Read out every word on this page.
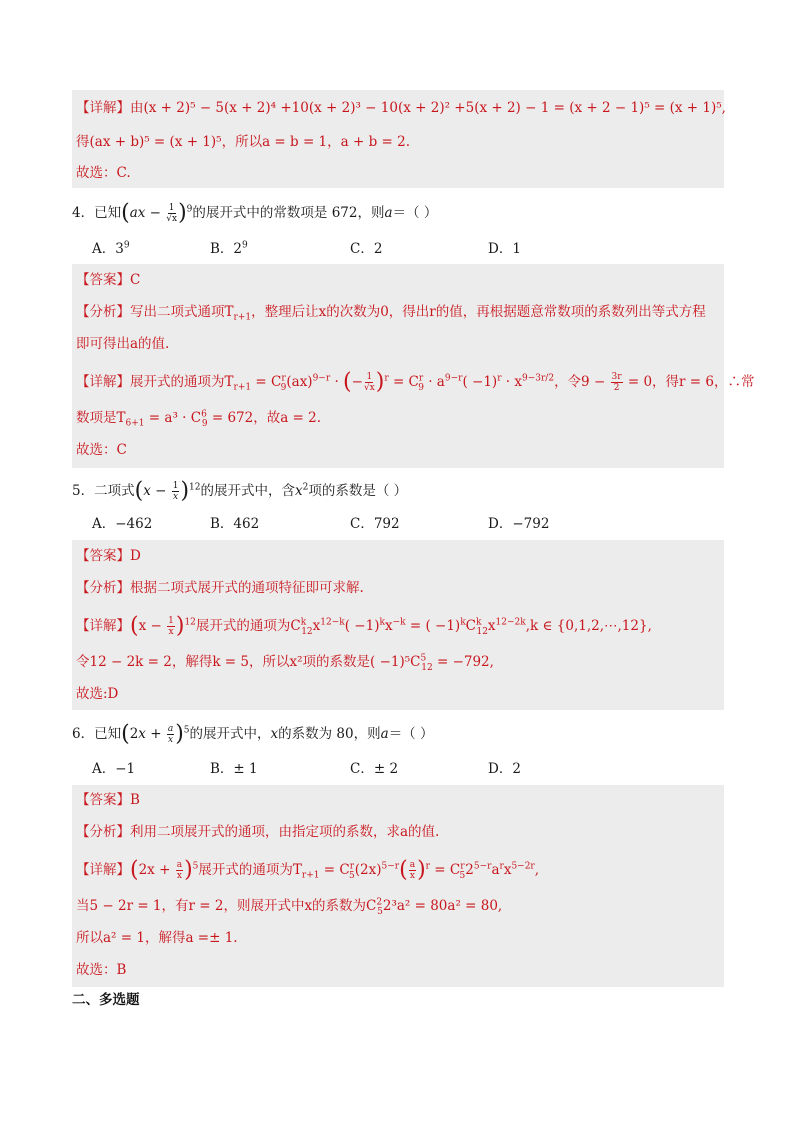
【详解】由(x + 2)⁵ − 5(x + 2)⁴ +10(x + 2)³ − 10(x + 2)² +5(x + 2) − 1 = (x + 2 − 1)⁵ = (x + 1)⁵,
得(ax + b)⁵ = (x + 1)⁵，所以a = b = 1，a + b = 2.
故选：C.
4．已知$(ax - \frac{1}{√x} )^9$的展开式中的常数项是 672，则a＝（ ）
A．$3^9$	B．$2^9$	C．2	D．1
【答案】C
【分析】写出二项式通项$T_{r+1}$，整理后让x的次数为0，得出r的值，再根据题意常数项的系数列出等式方程
即可得出a的值.
【详解】展开式的通项为$T_{r+1} = C^r_9(ax)^{9-r}$ · (− $\frac{1}{√x} )^r = C^r_9 \cdot a^{9-r}( -1)^r \cdot x^{9-3r/2}$，令$9 - \frac{3r}{2} = 0$，得r = 6，∴常
数项是$T_{6+1} = a^3 \cdot C^6_9 = 672$，故a = 2.
故选：C
5．二项式$(x - \frac{1}{x} )^{12}$的展开式中，含$x^2$项的系数是（ ）
A．−462	B．462	C．792	D．−792
【答案】D
【分析】根据二项式展开式的通项特征即可求解.
【详解】$(x - \frac{1}{x} )^{12}$展开式的通项为$C^k_{12}x^{12-k}( -1)^kx^{-k}$ = ( $-1)^kC^k_{12}x^{12-2k},k$ ∈ {0,1,2,⋯,12},
令12 − 2k = 2，解得k = 5，所以x²项的系数是( $-1)^5C^5_{12} = -792$,
故选:D
6．已知$(2x + \frac{a}{x} )^5$的展开式中，x的系数为 80，则a＝（ ）
A．−1	B．± 1	C．± 2	D．2
【答案】B
【分析】利用二项展开式的通项，由指定项的系数，求a的值.
【详解】$(2x + \frac{a}{x} )^5$展开式的通项为$T_{r+1} = C^r_5(2x)^{5-r}( \frac{a}{x} )^r = C^r_52^{5-r}a^rx^{5-2r}$,
当5 − 2r = 1，有r = 2，则展开式中x的系数为$C^2_52^3a^2 = 80a^2 = 80$,
所以a² = 1，解得a =± 1.
故选：B
二、多选题
